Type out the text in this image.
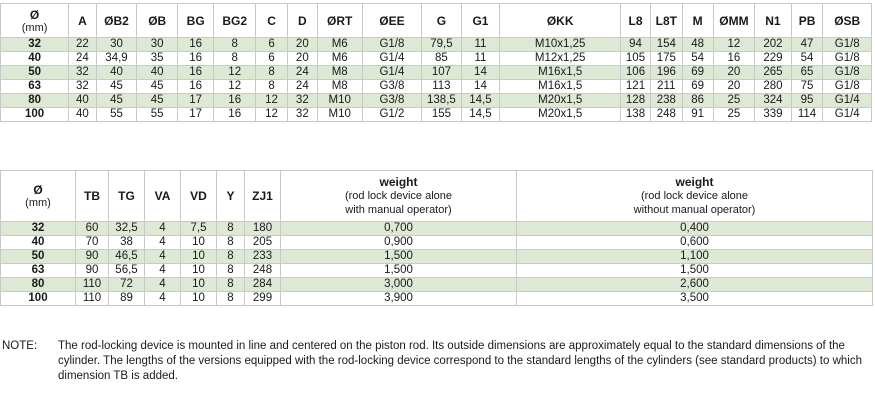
Ø
(mm)	A	ØB2	ØB	BG	BG2	C	D	ØRT	ØEE	G	G1	ØKK	L8	L8T	M	ØMM	N1	PB	ØSB
32	22	30	30	16	8	6	20	M6	G1/8	79,5	11	M10x1,25	94	154	48	12	202	47	G1/8
40	24	34,9	35	16	8	6	20	M6	G1/4	85	11	M12x1,25	105	175	54	16	229	54	G1/8
50	32	40	40	16	12	8	24	M8	G1/4	107	14	M16x1,5	106	196	69	20	265	65	G1/8
63	32	45	45	16	12	8	24	M8	G3/8	113	14	M16x1,5	121	211	69	20	280	75	G1/8
80	40	45	45	17	16	12	32	M10	G3/8	138,5	14,5	M20x1,5	128	238	86	25	324	95	G1/4
100	40	55	55	17	16	12	32	M10	G1/2	155	14,5	M20x1,5	138	248	91	25	339	114	G1/4
Ø
(mm)	TB	TG	VA	VD	Y	ZJ1	weight
(rod lock device alone
with manual operator)	weight
(rod lock device alone
without manual operator)

32	60	32,5	4	7,5	8	180	0,700	0,400
40	70	38	4	10	8	205	0,900	0,600
50	90	46,5	4	10	8	233	1,500	1,100
63	90	56,5	4	10	8	248	1,500	1,500
80	110	72	4	10	8	284	3,000	2,600
100	110	89	4	10	8	299	3,900	3,500
NOTE:	The rod-locking device is mounted in line and centered on the piston rod. Its outside dimensions are approximately equal to the standard dimensions of the cylinder. The lengths of the versions equipped with the rod-locking device correspond to the standard lengths of the cylinders (see standard products) to which dimension TB is added.
